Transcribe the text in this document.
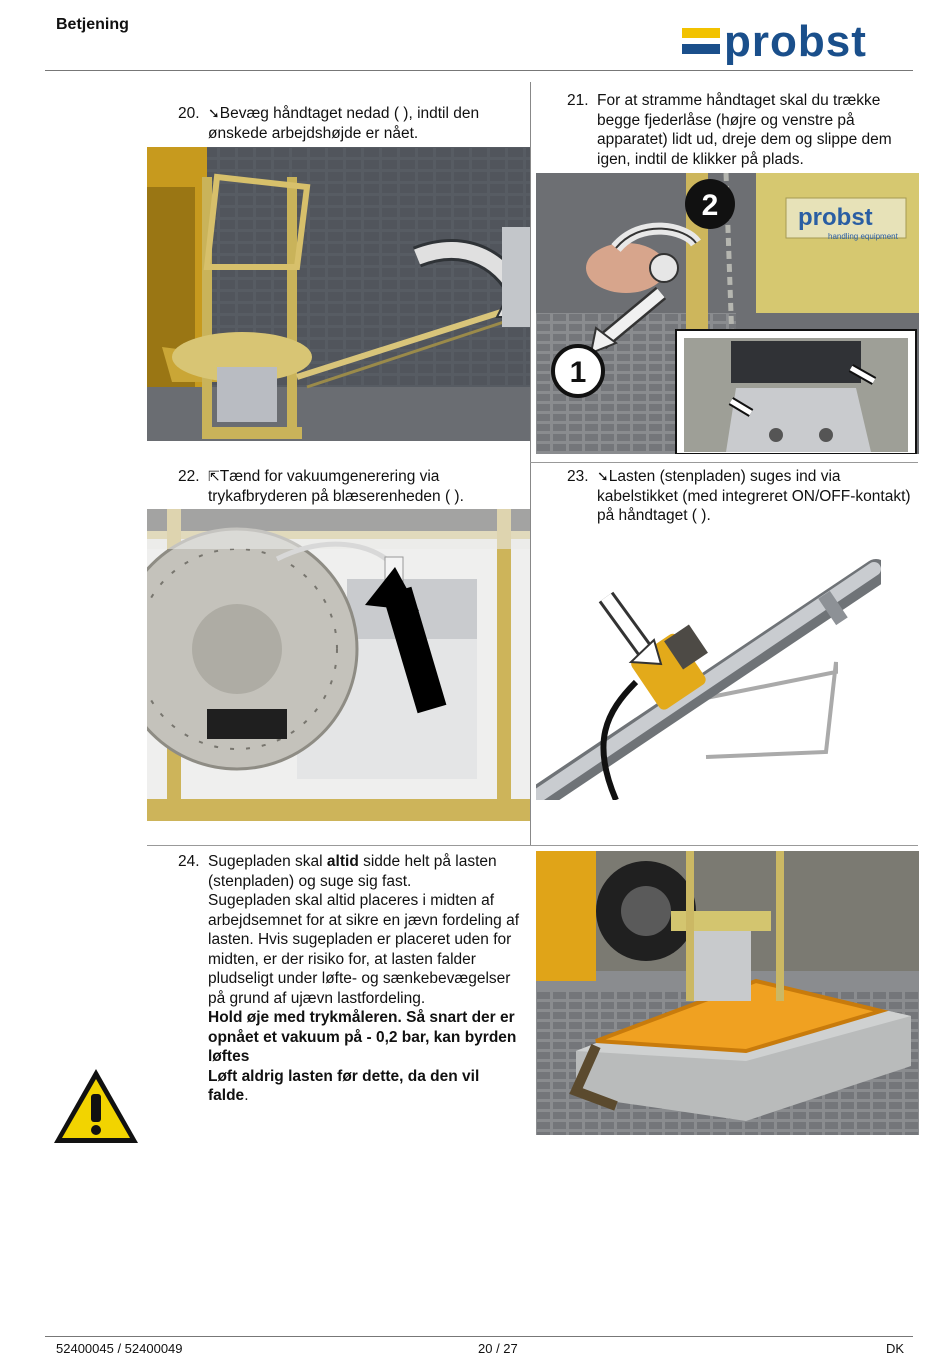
Betjening	probst
20. ➘Bevæg håndtaget nedad ( ), indtil den ønskede arbejdshøjde er nået.
21. For at stramme håndtaget skal du trække begge fjederlåse (højre og venstre på apparatet) lidt ud, dreje dem og slippe dem igen, indtil de klikker på plads.
probst
handling equipment
2
1
22. ⇱Tænd for vakuumgenerering via trykafbryderen på blæserenheden ( ).
23. ➘Lasten (stenpladen) suges ind via kabelstikket (med integreret ON/OFF-kontakt) på håndtaget ( ).
24. Sugepladen skal altid sidde helt på lasten (stenpladen) og suge sig fast.
Sugepladen skal altid placeres i midten af arbejdsemnet for at sikre en jævn fordeling af lasten. Hvis sugepladen er placeret uden for midten, er der risiko for, at lasten falder pludseligt under løfte- og sænkebevægelser på grund af ujævn lastfordeling.
Hold øje med trykmåleren. Så snart der er opnået et vakuum på - 0,2 bar, kan byrden løftes
Løft aldrig lasten før dette, da den vil falde.
52400045 / 52400049	20 / 27	DK
